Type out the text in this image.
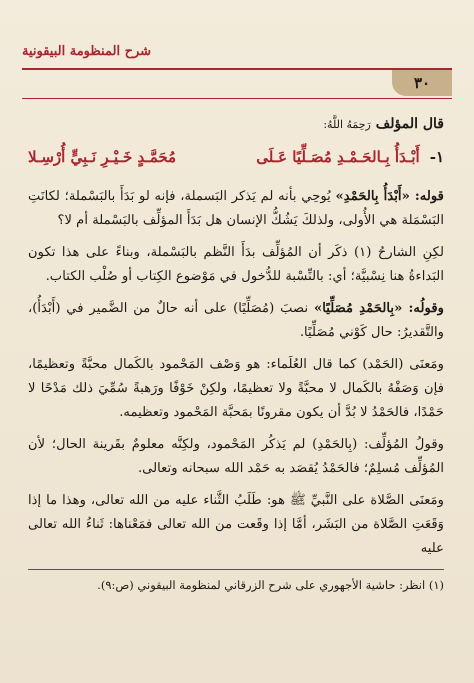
شرح المنظومة البيقونية
٣٠
قال المؤلف رَحِمَهُ اللَّهُ:
١-
أَبْـدَأُ بِـالحَـمْـدِ مُصَـلِّيًا عَـلَى
مُحَمَّـدٍ خَـيْـرِ نَـبِيٍّ أُرْسِـلا

قوله: «أَبْدَأُ بِالحَمْدِ» يُوحِي بأنه لم يَذكر البَسملة، فإنه لو بَدَأَ بالبَسْملة؛ لكانَتِ البَسْمَلة هي الأُولى، ولذلكَ يَشُكُّ الإنسان هل بَدَأَ المؤلِّف بالبَسْملة أم لا؟

لكِنِ الشارحُ (١) ذكَر أن المُؤلِّف بدَأَ النَّظم بالبَسْملة، وبناءً على هذا تكون البَداءةُ هنا نِسْبيَّة؛ أي: بالنِّسْبة للدُّخول في مَوْضوع الكِتاب أو صُلْب الكتاب.

وقولُه: «بِالحَمْدِ مُصَلِّيًا» نصبَ (مُصَلِّيًا) على أنه حالٌ من الضَّمير في (أَبْدَأُ)، والتَّقديرُ: حال كَوْني مُصَلِّيًا.

ومَعنَى (الحَمْد) كما قال العُلَماء: هو وَصْف المَحْمود بالكَمال محبَّةً وتعظيمًا، فإن وَصَفْهُ بالكَمال لا محبَّةً ولا تعظيمًا، ولكِنْ خَوْفًا ورَهبةً سُمِّيَ ذلك مَدْحًا لا حَمْدًا، فالحَمْدُ لا بُدَّ أن يكون مقرونًا بمَحبَّة المَحْمود وتعظيمه.

وقولُ المُؤلِّف: (بِالحَمْدِ) لم يَذكُر المَحْمود، ولكِنَّه معلومٌ بقَرينة الحال؛ لأن المُؤلِّف مُسلِمٌ؛ فالحَمْدُ يُقصَد به حَمْد الله سبحانه وتعالى.

ومَعنَى الصَّلاة على النَّبيِّ ﷺ هو: طَلَبُ الثَّناء عليه من الله تعالى، وهذا ما إذا وَقَعَتِ الصَّلاة من البَشَر، أمَّا إذا وقَعت من الله تعالى فمَعْناها: ثَناءُ الله تعالى عليه

(١) انظر: حاشية الأجهوري على شرح الزرقاني لمنظومة البيقوني (ص:٩).
